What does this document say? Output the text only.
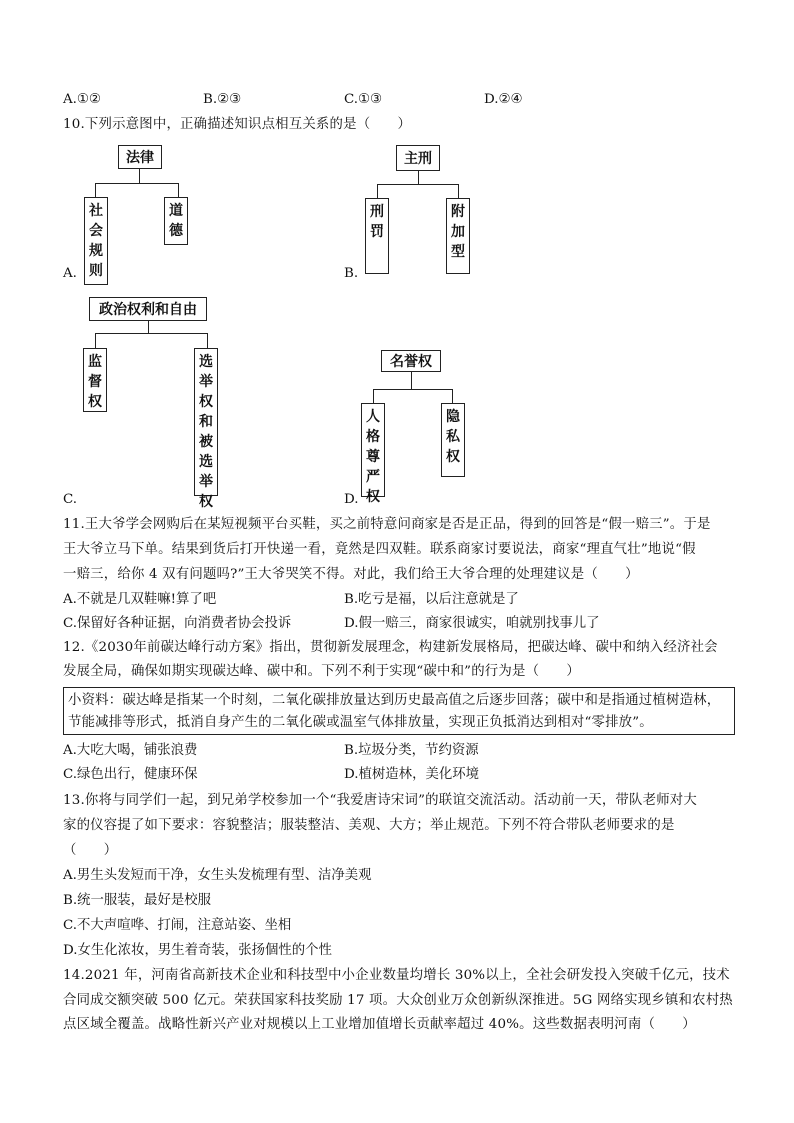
A.①②	B.②③	C.①③	D.②④
10.下列示意图中，正确描述知识点相互关系的是（　　）
法律
社会规则
道德
A.
主刑
刑罚
附加型
B.
政治权利和自由
监督权
选举权和被选举权
C.
名誉权
人格尊严权
隐私权
D.
11.王大爷学会网购后在某短视频平台买鞋，买之前特意问商家是否是正品，得到的回答是“假一赔三”。于是
王大爷立马下单。结果到货后打开快递一看，竟然是四双鞋。联系商家讨要说法，商家“理直气壮”地说“假
一赔三，给你 4 双有问题吗?”王大爷哭笑不得。对此，我们给王大爷合理的处理建议是（　　）
A.不就是几双鞋嘛!算了吧	B.吃亏是福，以后注意就是了
C.保留好各种证据，向消费者协会投诉	D.假一赔三，商家很诚实，咱就别找事儿了
12.《2030年前碳达峰行动方案》指出，贯彻新发展理念，构建新发展格局，把碳达峰、碳中和纳入经济社会
发展全局，确保如期实现碳达峰、碳中和。下列不利于实现“碳中和”的行为是（　　）
小资料：碳达峰是指某一个时刻，二氧化碳排放量达到历史最高值之后逐步回落；碳中和是指通过植树造林，
节能减排等形式，抵消自身产生的二氧化碳或温室气体排放量，实现正负抵消达到相对“零排放”。
A.大吃大喝，铺张浪费	B.垃圾分类，节约资源
C.绿色出行，健康环保	D.植树造林，美化环境
13.你将与同学们一起，到兄弟学校参加一个“我爱唐诗宋词”的联谊交流活动。活动前一天，带队老师对大
家的仪容提了如下要求：容貌整洁；服装整洁、美观、大方；举止规范。下列不符合带队老师要求的是
（　　）
A.男生头发短而干净，女生头发梳理有型、洁净美观
B.统一服装，最好是校服
C.不大声喧哗、打闹，注意站姿、坐相
D.女生化浓妆，男生着奇装，张扬個性的个性
14.2021 年，河南省高新技术企业和科技型中小企业数量均增长 30%以上，全社会研发投入突破千亿元，技术
合同成交额突破 500 亿元。荣获国家科技奖励 17 项。大众创业万众创新纵深推进。5G 网络实现乡镇和农村热
点区域全覆盖。战略性新兴产业对规模以上工业增加值增长贡献率超过 40%。这些数据表明河南（　　）
